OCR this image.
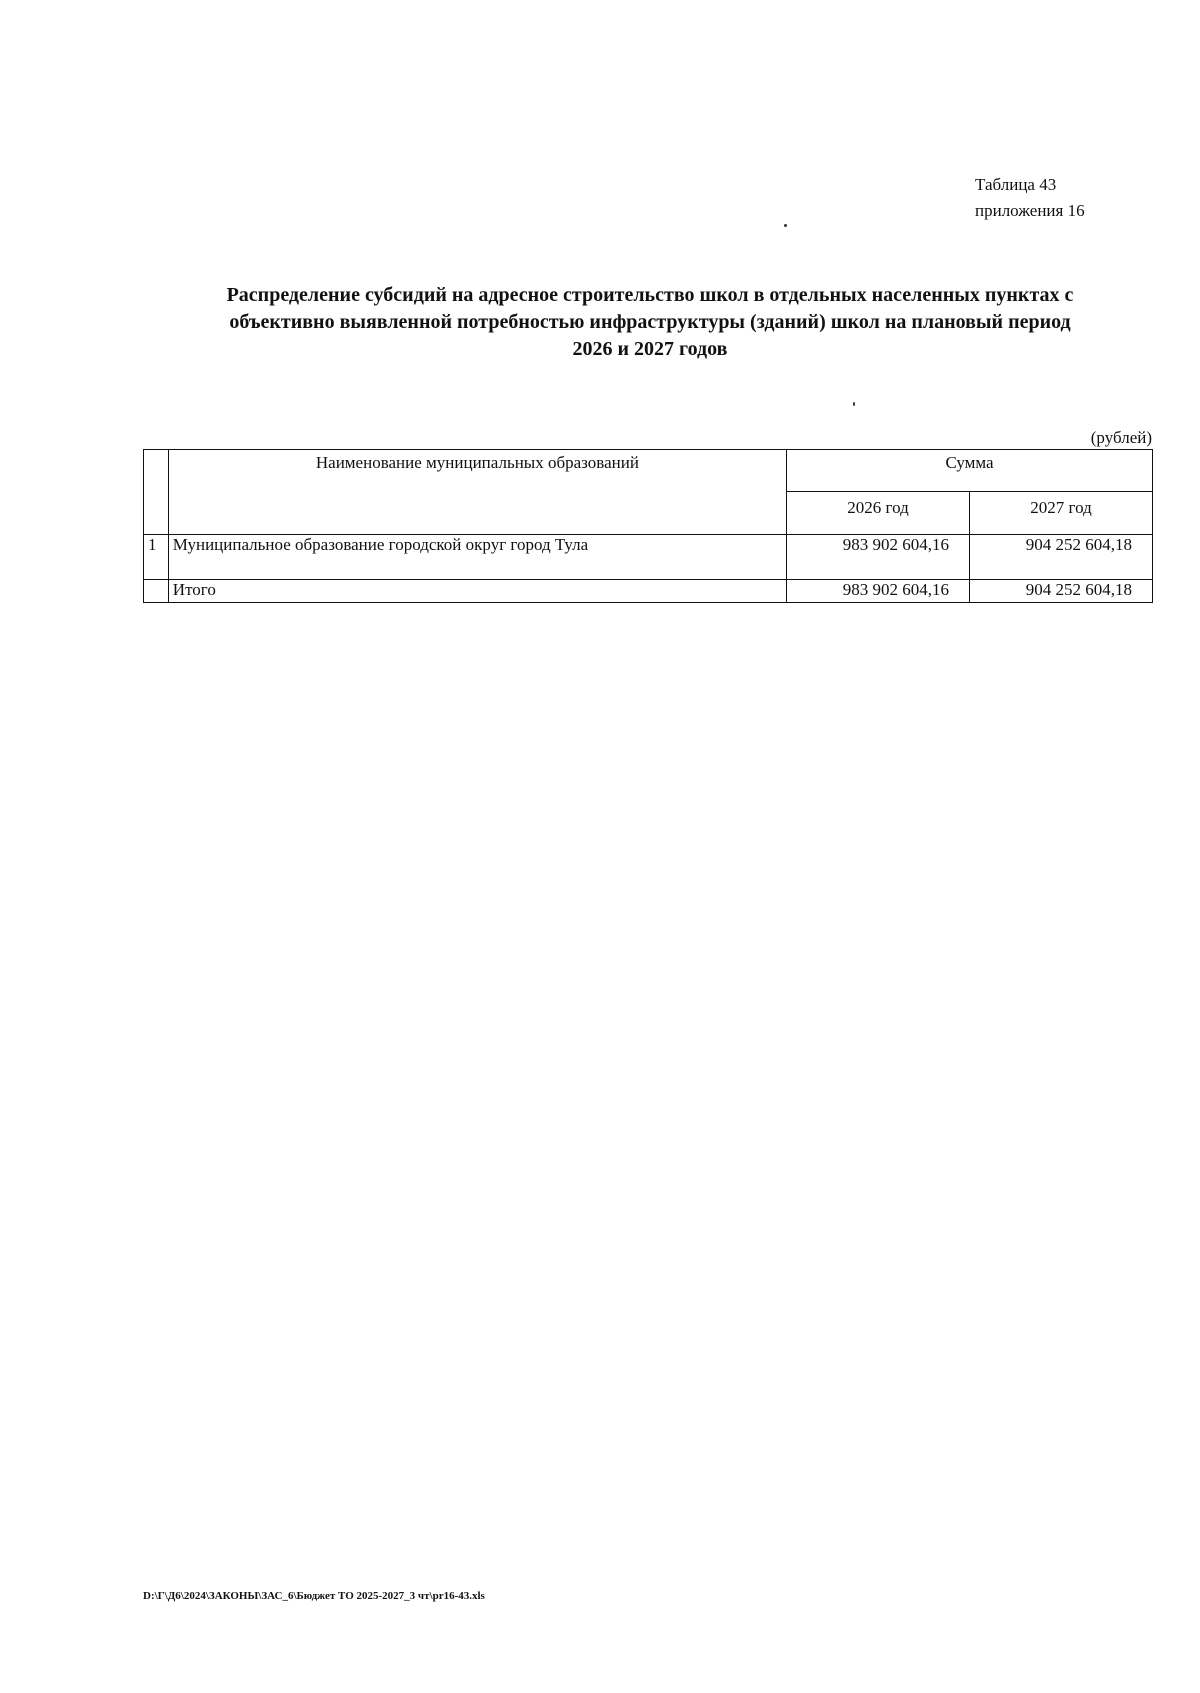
Таблица 43
приложения 16
Распределение субсидий на адресное строительство школ в отдельных населенных пунктах с
объективно выявленной потребностью инфраструктуры (зданий) школ на плановый период
2026 и 2027 годов
(рублей)
	Наименование муниципальных образований	Сумма	
		2026 год	2027 год
1	Муниципальное образование городской округ город Тула	983 902 604,16	904 252 604,18
	Итого	983 902 604,16	904 252 604,18
D:\Г\Д6\2024\ЗАКОНЫ\ЗАС_6\Бюджет ТО 2025-2027_3 чт\pr16-43.xls
